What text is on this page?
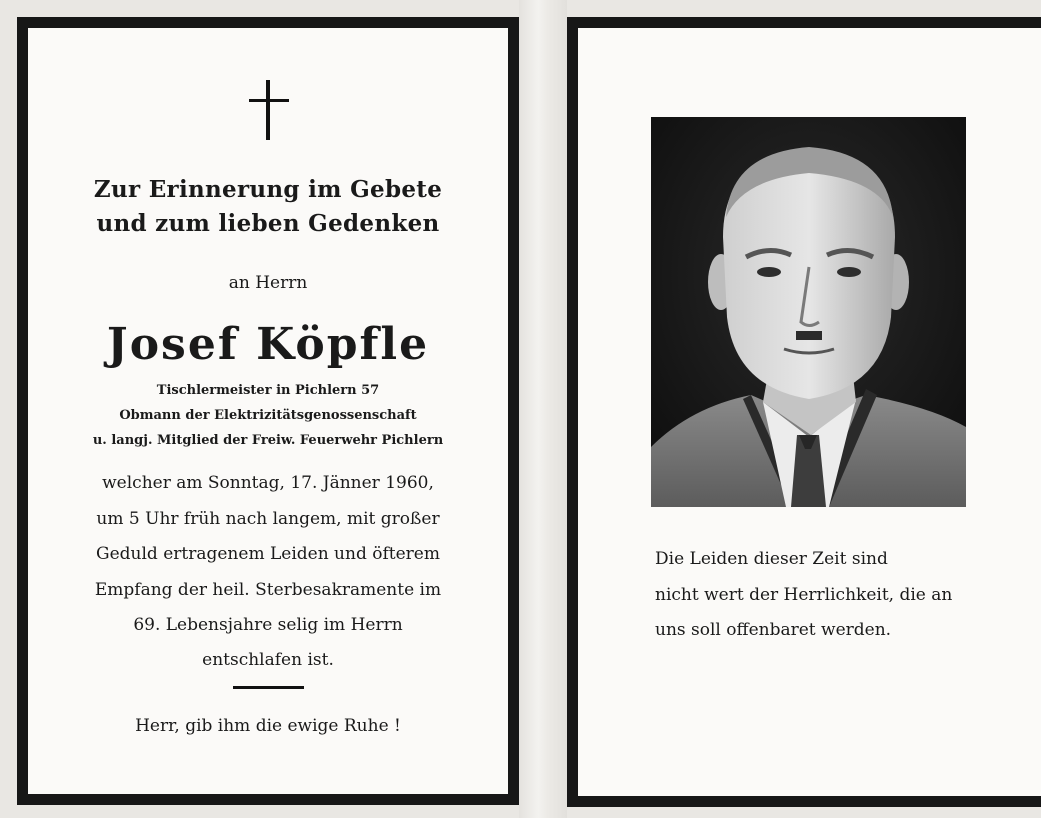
Zur Erinnerung im Gebete
und zum lieben Gedenken
an Herrn
Josef Köpfle
Tischlermeister in Pichlern 57
Obmann der Elektrizitätsgenossenschaft
u. langj. Mitglied der Freiw. Feuerwehr Pichlern
welcher am Sonntag, 17. Jänner 1960,
um 5 Uhr früh nach langem, mit großer
Geduld ertragenem Leiden und öfterem
Empfang der heil. Sterbesakramente im
69. Lebensjahre selig im Herrn
entschlafen ist.
Herr, gib ihm die ewige Ruhe !
Die Leiden dieser Zeit sind
nicht wert der Herrlichkeit, die an
uns soll offenbaret werden.
